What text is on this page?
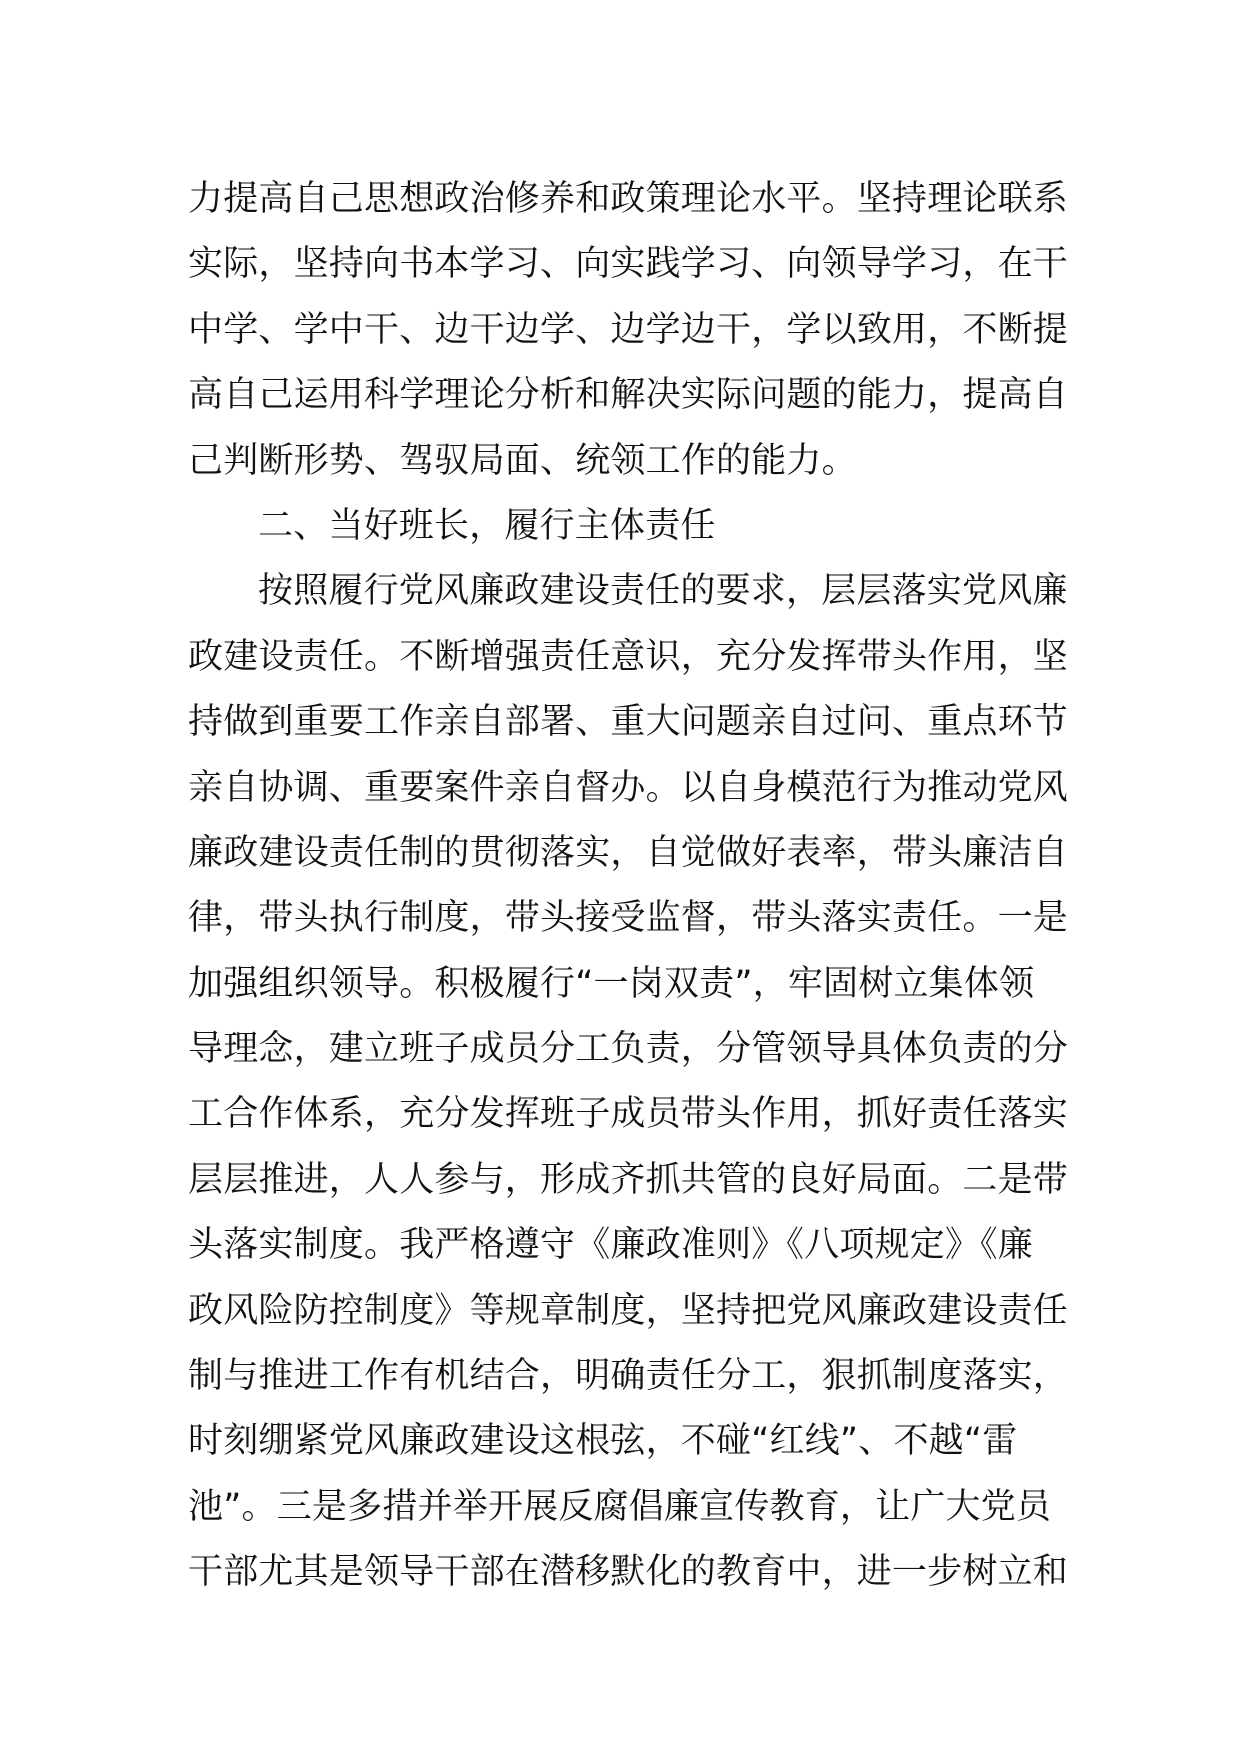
力提高自己思想政治修养和政策理论水平。坚持理论联系
实际，坚持向书本学习、向实践学习、向领导学习，在干
中学、学中干、边干边学、边学边干，学以致用，不断提
高自己运用科学理论分析和解决实际问题的能力，提高自
己判断形势、驾驭局面、统领工作的能力。
二、当好班长，履行主体责任
按照履行党风廉政建设责任的要求，层层落实党风廉
政建设责任。不断增强责任意识，充分发挥带头作用，坚
持做到重要工作亲自部署、重大问题亲自过问、重点环节
亲自协调、重要案件亲自督办。以自身模范行为推动党风
廉政建设责任制的贯彻落实，自觉做好表率，带头廉洁自
律，带头执行制度，带头接受监督，带头落实责任。一是
加强组织领导。积极履行“一岗双责”，牢固树立集体领
导理念，建立班子成员分工负责，分管领导具体负责的分
工合作体系，充分发挥班子成员带头作用，抓好责任落实
层层推进，人人参与，形成齐抓共管的良好局面。二是带
头落实制度。我严格遵守《廉政准则》《八项规定》《廉
政风险防控制度》等规章制度，坚持把党风廉政建设责任
制与推进工作有机结合，明确责任分工，狠抓制度落实，
时刻绷紧党风廉政建设这根弦，不碰“红线”、不越“雷
池”。三是多措并举开展反腐倡廉宣传教育，让广大党员
干部尤其是领导干部在潜移默化的教育中，进一步树立和
